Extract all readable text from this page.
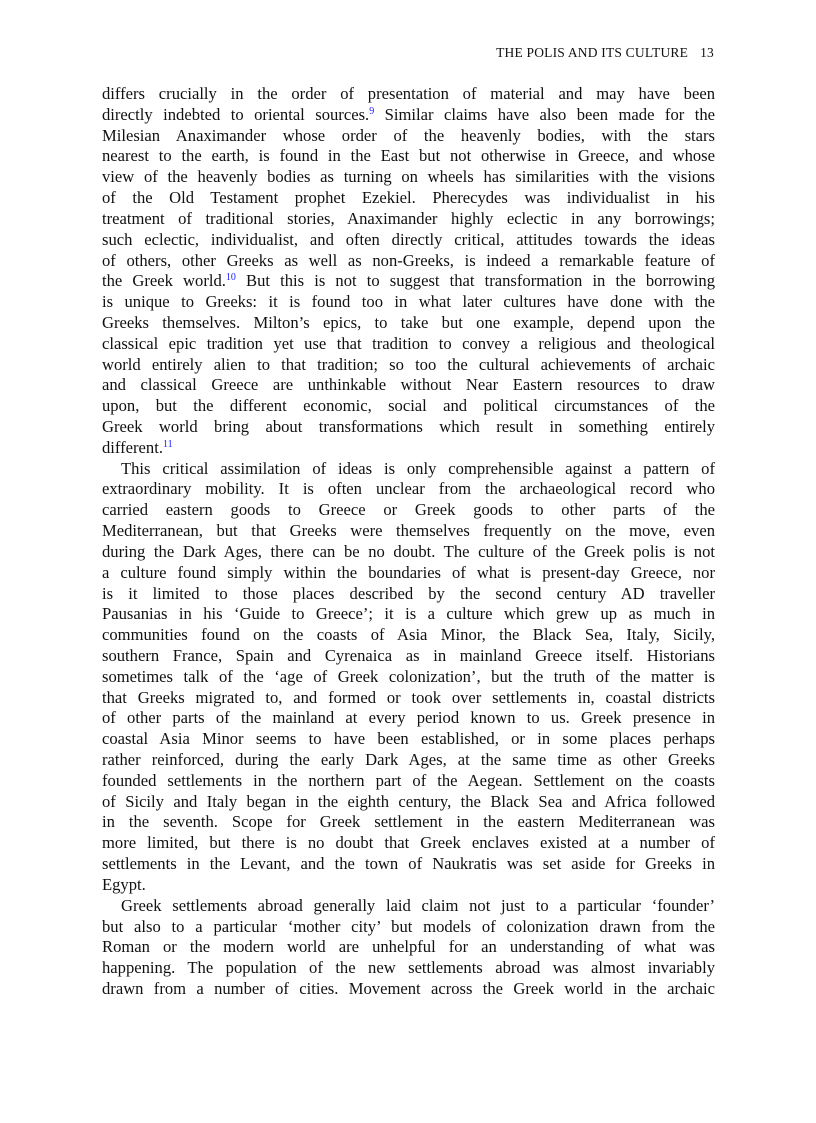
THE POLIS AND ITS CULTURE 13
differs crucially in the order of presentation of material and may have been
directly indebted to oriental sources.$^9$ Similar claims have also been made for the
Milesian Anaximander whose order of the heavenly bodies, with the stars
nearest to the earth, is found in the East but not otherwise in Greece, and whose
view of the heavenly bodies as turning on wheels has similarities with the visions
of the Old Testament prophet Ezekiel. Pherecydes was individualist in his
treatment of traditional stories, Anaximander highly eclectic in any borrowings;
such eclectic, individualist, and often directly critical, attitudes towards the ideas
of others, other Greeks as well as non-Greeks, is indeed a remarkable feature of
the Greek world.$^{10}$ But this is not to suggest that transformation in the borrowing
is unique to Greeks: it is found too in what later cultures have done with the
Greeks themselves. Milton’s epics, to take but one example, depend upon the
classical epic tradition yet use that tradition to convey a religious and theological
world entirely alien to that tradition; so too the cultural achievements of archaic
and classical Greece are unthinkable without Near Eastern resources to draw
upon, but the different economic, social and political circumstances of the
Greek world bring about transformations which result in something entirely
different.$^{11}$
This critical assimilation of ideas is only comprehensible against a pattern of
extraordinary mobility. It is often unclear from the archaeological record who
carried eastern goods to Greece or Greek goods to other parts of the
Mediterranean, but that Greeks were themselves frequently on the move, even
during the Dark Ages, there can be no doubt. The culture of the Greek polis is not
a culture found simply within the boundaries of what is present-day Greece, nor
is it limited to those places described by the second century AD traveller
Pausanias in his ‘Guide to Greece’; it is a culture which grew up as much in
communities found on the coasts of Asia Minor, the Black Sea, Italy, Sicily,
southern France, Spain and Cyrenaica as in mainland Greece itself. Historians
sometimes talk of the ‘age of Greek colonization’, but the truth of the matter is
that Greeks migrated to, and formed or took over settlements in, coastal districts
of other parts of the mainland at every period known to us. Greek presence in
coastal Asia Minor seems to have been established, or in some places perhaps
rather reinforced, during the early Dark Ages, at the same time as other Greeks
founded settlements in the northern part of the Aegean. Settlement on the coasts
of Sicily and Italy began in the eighth century, the Black Sea and Africa followed
in the seventh. Scope for Greek settlement in the eastern Mediterranean was
more limited, but there is no doubt that Greek enclaves existed at a number of
settlements in the Levant, and the town of Naukratis was set aside for Greeks in
Egypt.
Greek settlements abroad generally laid claim not just to a particular ‘founder’
but also to a particular ‘mother city’ but models of colonization drawn from the
Roman or the modern world are unhelpful for an understanding of what was
happening. The population of the new settlements abroad was almost invariably
drawn from a number of cities. Movement across the Greek world in the archaic
